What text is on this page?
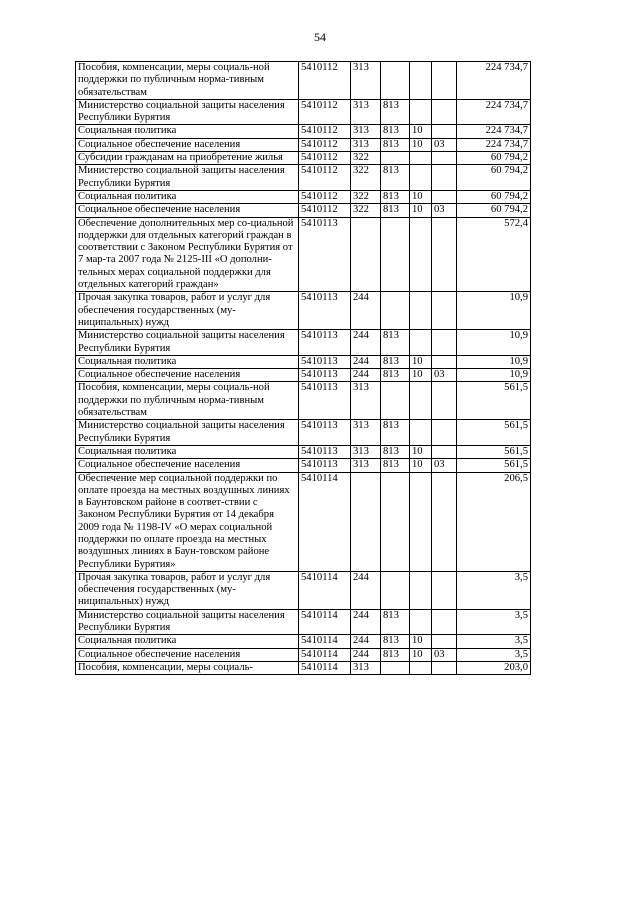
54
Пособия, компенсации, меры социаль-ной поддержки по публичным норма-тивным обязательствам	5410112	313				224 734,7
Министерство социальной защиты населения Республики Бурятия	5410112	313	813			224 734,7
Социальная политика	5410112	313	813	10		224 734,7
Социальное обеспечение населения	5410112	313	813	10	03	224 734,7
Субсидии гражданам на приобретение жилья	5410112	322				60 794,2
Министерство социальной защиты населения Республики Бурятия	5410112	322	813			60 794,2
Социальная политика	5410112	322	813	10		60 794,2
Социальное обеспечение населения	5410112	322	813	10	03	60 794,2
Обеспечение дополнительных мер со-циальной поддержки для отдельных категорий граждан в соответствии с Законом Республики Бурятия от 7 мар-та 2007 года № 2125-III «О дополни-тельных мерах социальной поддержки для отдельных категорий граждан»	5410113					572,4
Прочая закупка товаров, работ и услуг для обеспечения государственных (му-ниципальных) нужд	5410113	244				10,9
Министерство социальной защиты населения Республики Бурятия	5410113	244	813			10,9
Социальная политика	5410113	244	813	10		10,9
Социальное обеспечение населения	5410113	244	813	10	03	10,9
Пособия, компенсации, меры социаль-ной поддержки по публичным норма-тивным обязательствам	5410113	313				561,5
Министерство социальной защиты населения Республики Бурятия	5410113	313	813			561,5
Социальная политика	5410113	313	813	10		561,5
Социальное обеспечение населения	5410113	313	813	10	03	561,5
Обеспечение мер социальной поддержки по оплате проезда на местных воздушных линиях в Баунтовском районе в соответ-ствии с Законом Республики Бурятия от 14 декабря 2009 года № 1198-IV «О мерах социальной поддержки по оплате проезда на местных воздушных линиях в Баун-товском районе Республики Бурятия»	5410114					206,5
Прочая закупка товаров, работ и услуг для обеспечения государственных (му-ниципальных) нужд	5410114	244				3,5
Министерство социальной защиты населения Республики Бурятия	5410114	244	813			3,5
Социальная политика	5410114	244	813	10		3,5
Социальное обеспечение населения	5410114	244	813	10	03	3,5
Пособия, компенсации, меры социаль-	5410114	313				203,0
